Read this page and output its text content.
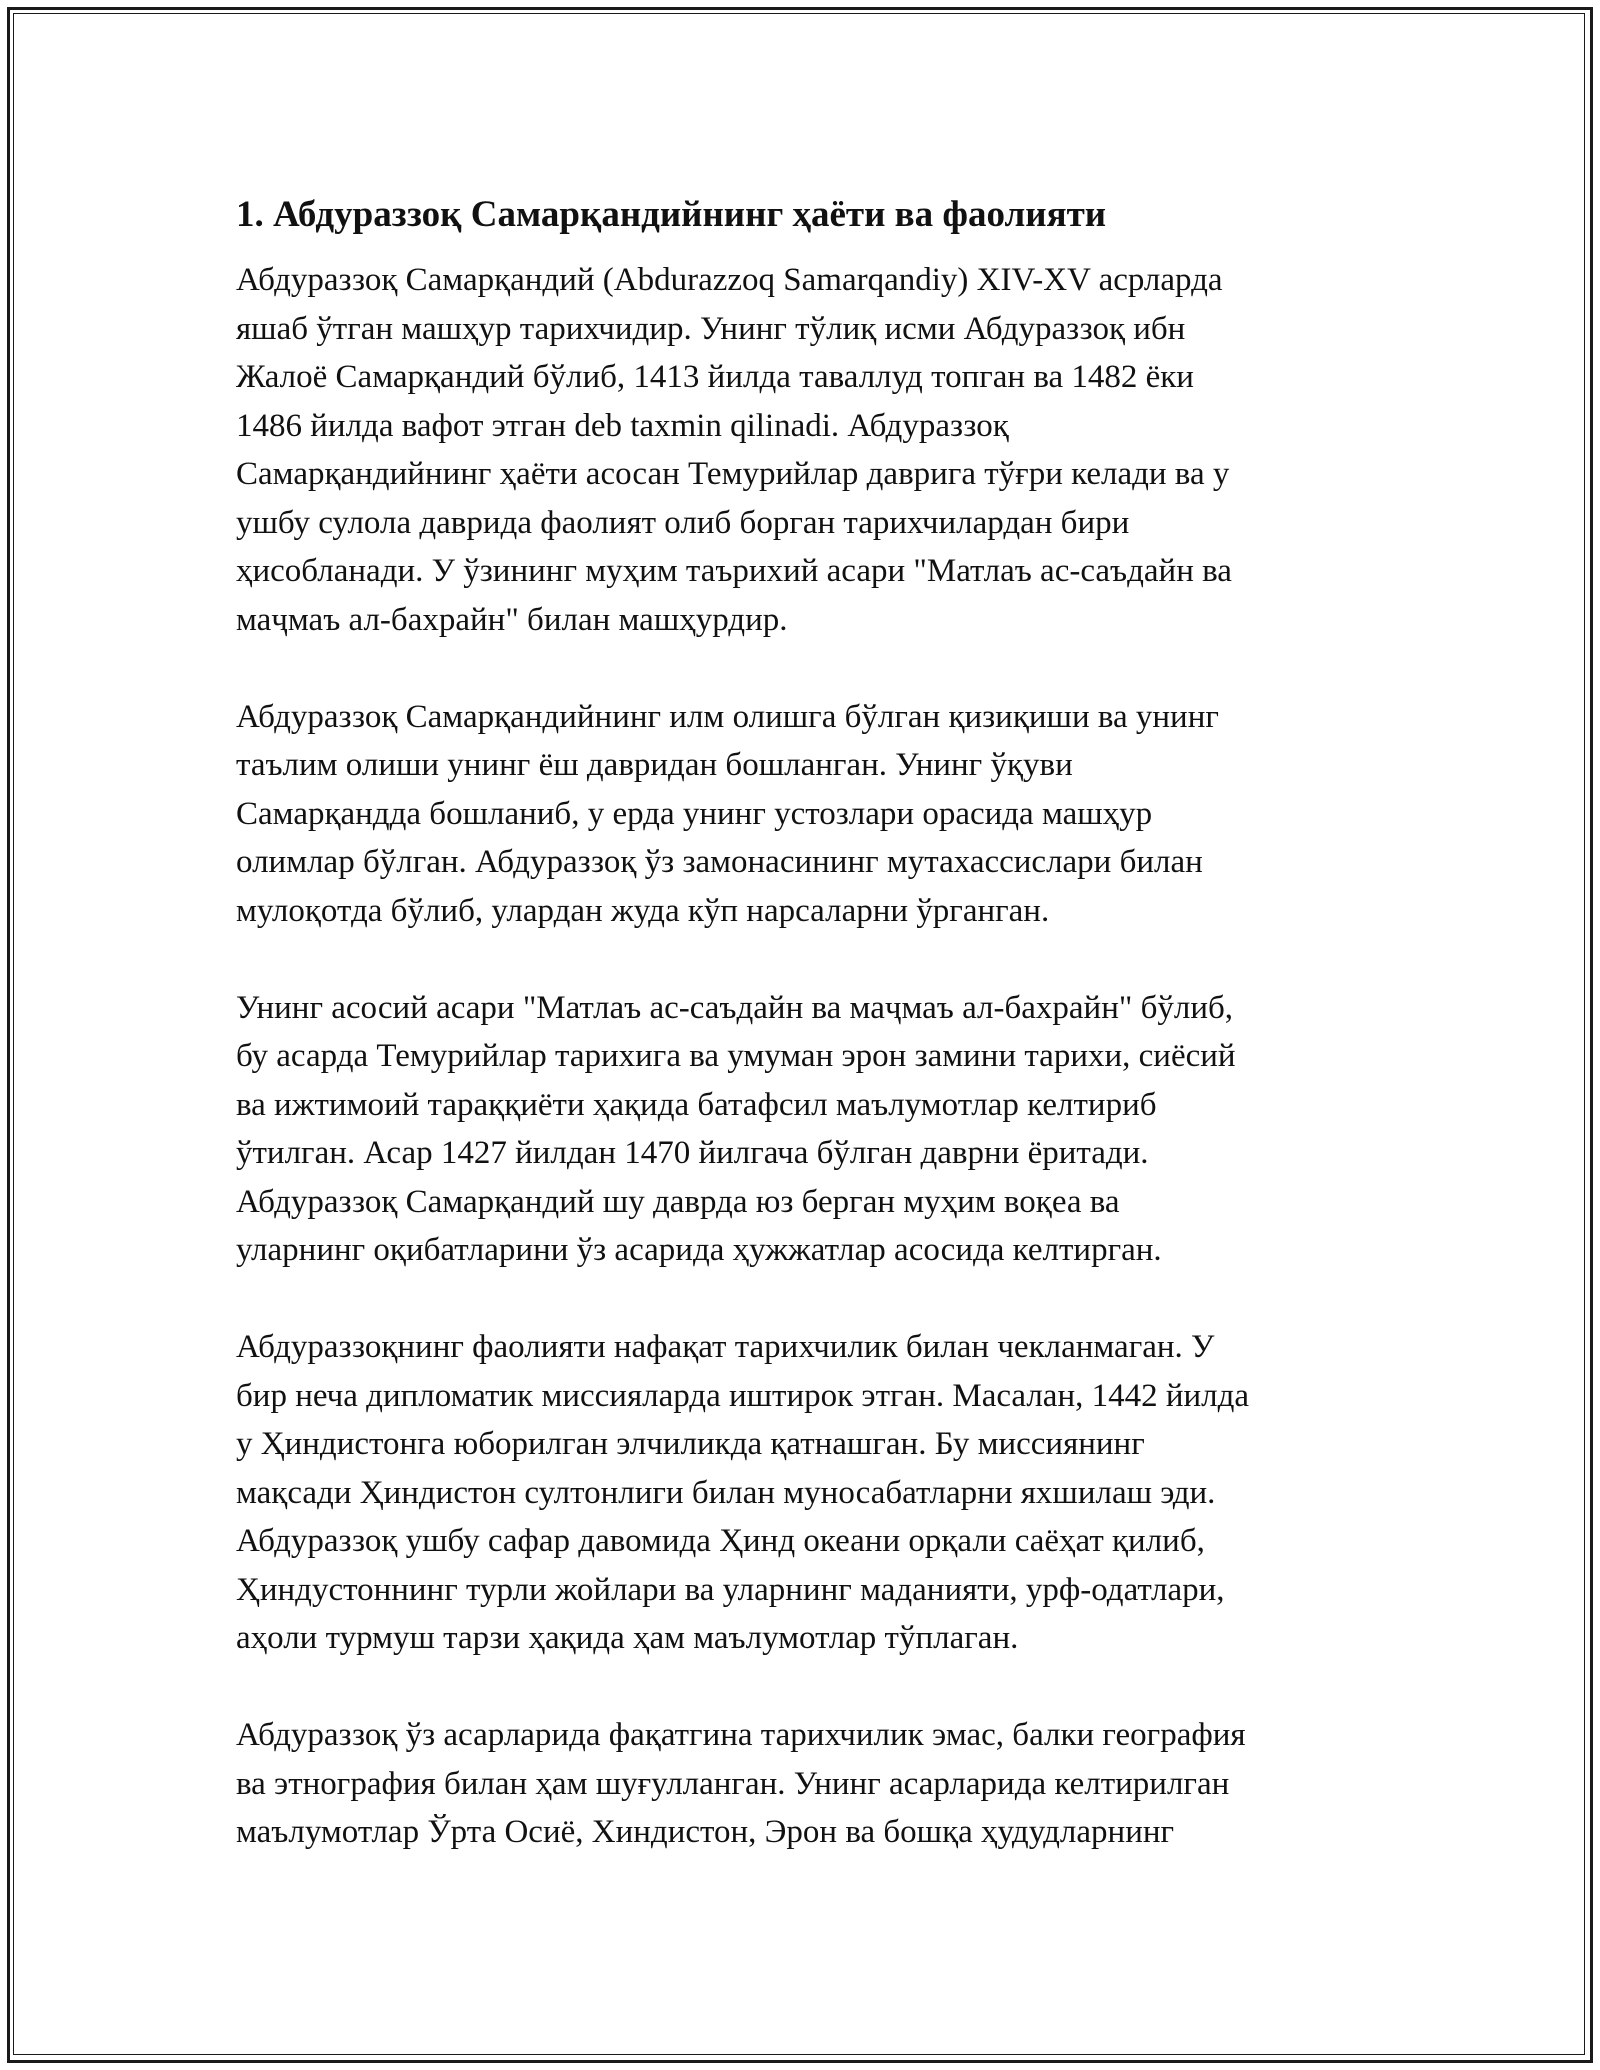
1. Абдураззоқ Самарқандийнинг ҳаёти ва фаолияти
Абдураззоқ Самарқандий (Abdurazzoq Samarqandiy) XIV-XV асрларда
яшаб ўтган машҳур тарихчидир. Унинг тўлиқ исми Абдураззоқ ибн
Жалоё Самарқандий бўлиб, 1413 йилда таваллуд топган ва 1482 ёки
1486 йилда вафот этган deb taxmin qilinadi. Абдураззоқ
Самарқандийнинг ҳаёти асосан Темурийлар даврига тўғри келади ва у
ушбу сулола даврида фаолият олиб борган тарихчилардан бири
ҳисобланади. У ўзининг муҳим таърихий асари "Матлаъ ас-саъдайн ва
маҷмаъ ал-бахрайн" билан машҳурдир.
Абдураззоқ Самарқандийнинг илм олишга бўлган қизиқиши ва унинг
таълим олиши унинг ёш давридан бошланган. Унинг ўқуви
Самарқандда бошланиб, у ерда унинг устозлари орасида машҳур
олимлар бўлган. Абдураззоқ ўз замонасининг мутахассислари билан
мулоқотда бўлиб, улардан жуда кўп нарсаларни ўрганган.
Унинг асосий асари "Матлаъ ас-саъдайн ва маҷмаъ ал-бахрайн" бўлиб,
бу асарда Темурийлар тарихига ва умуман эрон замини тарихи, сиёсий
ва ижтимоий тараққиёти ҳақида батафсил маълумотлар келтириб
ўтилган. Асар 1427 йилдан 1470 йилгача бўлган даврни ёритади.
Абдураззоқ Самарқандий шу даврда юз берган муҳим воқеа ва
уларнинг оқибатларини ўз асарида ҳужжатлар асосида келтирган.
Абдураззоқнинг фаолияти нафақат тарихчилик билан чекланмаган. У
бир неча дипломатик миссияларда иштирок этган. Масалан, 1442 йилда
у Ҳиндистонга юборилган элчиликда қатнашган. Бу миссиянинг
мақсади Ҳиндистон султонлиги билан муносабатларни яхшилаш эди.
Абдураззоқ ушбу сафар давомида Ҳинд океани орқали саёҳат қилиб,
Ҳиндустоннинг турли жойлари ва уларнинг маданияти, урф-одатлари,
аҳоли турмуш тарзи ҳақида ҳам маълумотлар тўплаган.
Абдураззоқ ўз асарларида фақатгина тарихчилик эмас, балки география
ва этнография билан ҳам шуғулланган. Унинг асарларида келтирилган
маълумотлар Ўрта Осиё, Хиндистон, Эрон ва бошқа ҳудудларнинг
